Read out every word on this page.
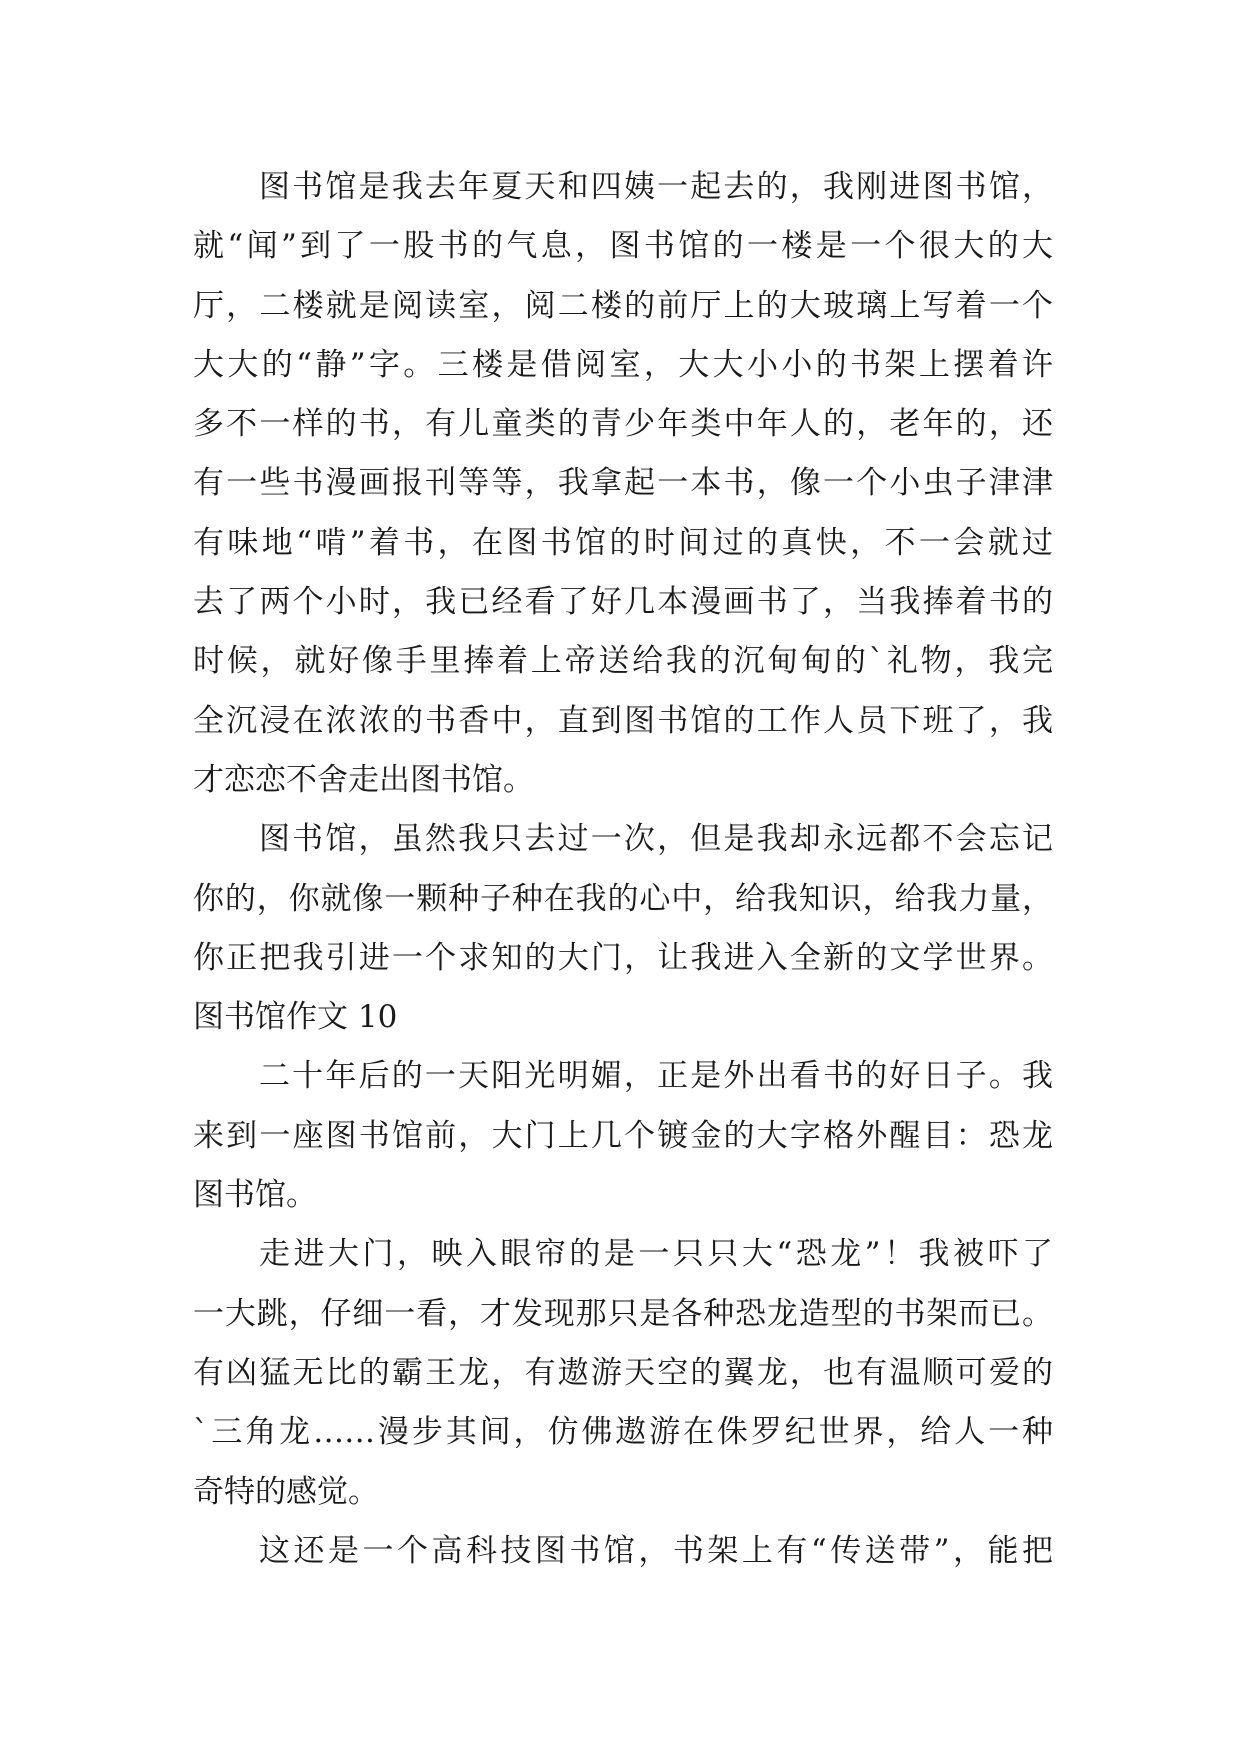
图书馆是我去年夏天和四姨一起去的，我刚进图书馆，
就“闻”到了一股书的气息，图书馆的一楼是一个很大的大
厅，二楼就是阅读室，阅二楼的前厅上的大玻璃上写着一个
大大的“静”字。三楼是借阅室，大大小小的书架上摆着许
多不一样的书，有儿童类的青少年类中年人的，老年的，还
有一些书漫画报刊等等，我拿起一本书，像一个小虫子津津
有味地“啃”着书，在图书馆的时间过的真快，不一会就过
去了两个小时，我已经看了好几本漫画书了，当我捧着书的
时候，就好像手里捧着上帝送给我的沉甸甸的`礼物，我完
全沉浸在浓浓的书香中，直到图书馆的工作人员下班了，我
才恋恋不舍走出图书馆。
图书馆，虽然我只去过一次，但是我却永远都不会忘记
你的，你就像一颗种子种在我的心中，给我知识，给我力量，
你正把我引进一个求知的大门，让我进入全新的文学世界。
图书馆作文 10
二十年后的一天阳光明媚，正是外出看书的好日子。我
来到一座图书馆前，大门上几个镀金的大字格外醒目：恐龙
图书馆。
走进大门，映入眼帘的是一只只大“恐龙”！我被吓了
一大跳，仔细一看，才发现那只是各种恐龙造型的书架而已。
有凶猛无比的霸王龙，有遨游天空的翼龙，也有温顺可爱的
`三角龙……漫步其间，仿佛遨游在侏罗纪世界，给人一种
奇特的感觉。
这还是一个高科技图书馆，书架上有“传送带”，能把
